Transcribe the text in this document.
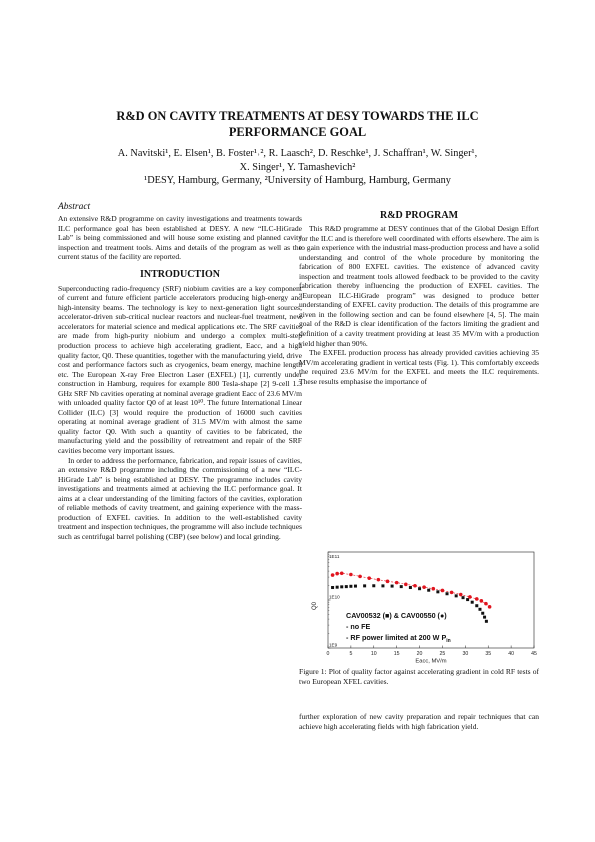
R&D ON CAVITY TREATMENTS AT DESY TOWARDS THE ILC
PERFORMANCE GOAL
A. Navitski¹, E. Elsen¹, B. Foster¹˒², R. Laasch², D. Reschke¹, J. Schaffran¹, W. Singer¹,
X. Singer¹, Y. Tamashevich²
¹DESY, Hamburg, Germany, ²University of Hamburg, Hamburg, Germany
Abstract

An extensive R&D programme on cavity investigations and treatments towards ILC performance goal has been established at DESY. A new “ILC-HiGrade Lab” is being commissioned and will house some existing and planned cavity inspection and treatment tools. Aims and details of the program as well as the current status of the facility are reported.

INTRODUCTION

Superconducting radio-frequency (SRF) niobium cavities are a key component of current and future efficient particle accelerators producing high-energy and high-intensity beams. The technology is key to next-generation light sources, accelerator-driven sub-critical nuclear reactors and nuclear-fuel treatment, new accelerators for material science and medical applications etc. The SRF cavities are made from high-purity niobium and undergo a complex multi-step production process to achieve high accelerating gradient, Eacc, and a high quality factor, Q0. These quantities, together with the manufacturing yield, drive cost and performance factors such as cryogenics, beam energy, machine length etc. The European X-ray Free Electron Laser (EXFEL) [1], currently under construction in Hamburg, requires for example 800 Tesla-shape [2] 9-cell 1.3 GHz SRF Nb cavities operating at nominal average gradient Eacc of 23.6 MV/m with unloaded quality factor Q0 of at least 10¹⁰. The future International Linear Collider (ILC) [3] would require the production of 16000 such cavities operating at nominal average gradient of 31.5 MV/m with almost the same quality factor Q0. With such a quantity of cavities to be fabricated, the manufacturing yield and the possibility of retreatment and repair of the SRF cavities become very important issues.

In order to address the performance, fabrication, and repair issues of cavities, an extensive R&D programme including the commissioning of a new “ILC-HiGrade Lab” is being established at DESY. The programme includes cavity investigations and treatments aimed at achieving the ILC performance goal. It aims at a clear understanding of the limiting factors of the cavities, exploration of reliable methods of cavity treatment, and gaining experience with the mass-production of EXFEL cavities. In addition to the well-established cavity treatment and inspection techniques, the programme will also include techniques such as centrifugal barrel polishing (CBP) (see below) and local grinding.

R&D PROGRAM

This R&D programme at DESY continues that of the Global Design Effort for the ILC and is therefore well coordinated with efforts elsewhere. The aim is to gain experience with the industrial mass-production process and have a solid understanding and control of the whole procedure by monitoring the fabrication of 800 EXFEL cavities. The existence of advanced cavity inspection and treatment tools allowed feedback to be provided to the cavity fabrication thereby influencing the production of EXFEL cavities. The “European ILC-HiGrade program” was designed to produce better understanding of EXFEL cavity production. The details of this programme are given in the following section and can be found elsewhere [4, 5]. The main goal of the R&D is clear identification of the factors limiting the gradient and definition of a cavity treatment providing at least 35 MV/m with a production yield higher than 90%.

The EXFEL production process has already provided cavities achieving 35 MV/m accelerating gradient in vertical tests (Fig. 1). This comfortably exceeds the required 23.6 MV/m for the EXFEL and meets the ILC requirements. These results emphasise the importance of

0	5	10	15	20	25	30	35	40	45
1E11
1E10
1E9
Eacc, MV/m
Q0
CAV00532 (■) & CAV00550 (●)
- no FE
- RF power limited at 200 W $P_{in}$
Figure 1: Plot of quality factor against accelerating gradient in cold RF tests of two European XFEL cavities.

further exploration of new cavity preparation and repair techniques that can achieve high accelerating fields with high fabrication yield.
